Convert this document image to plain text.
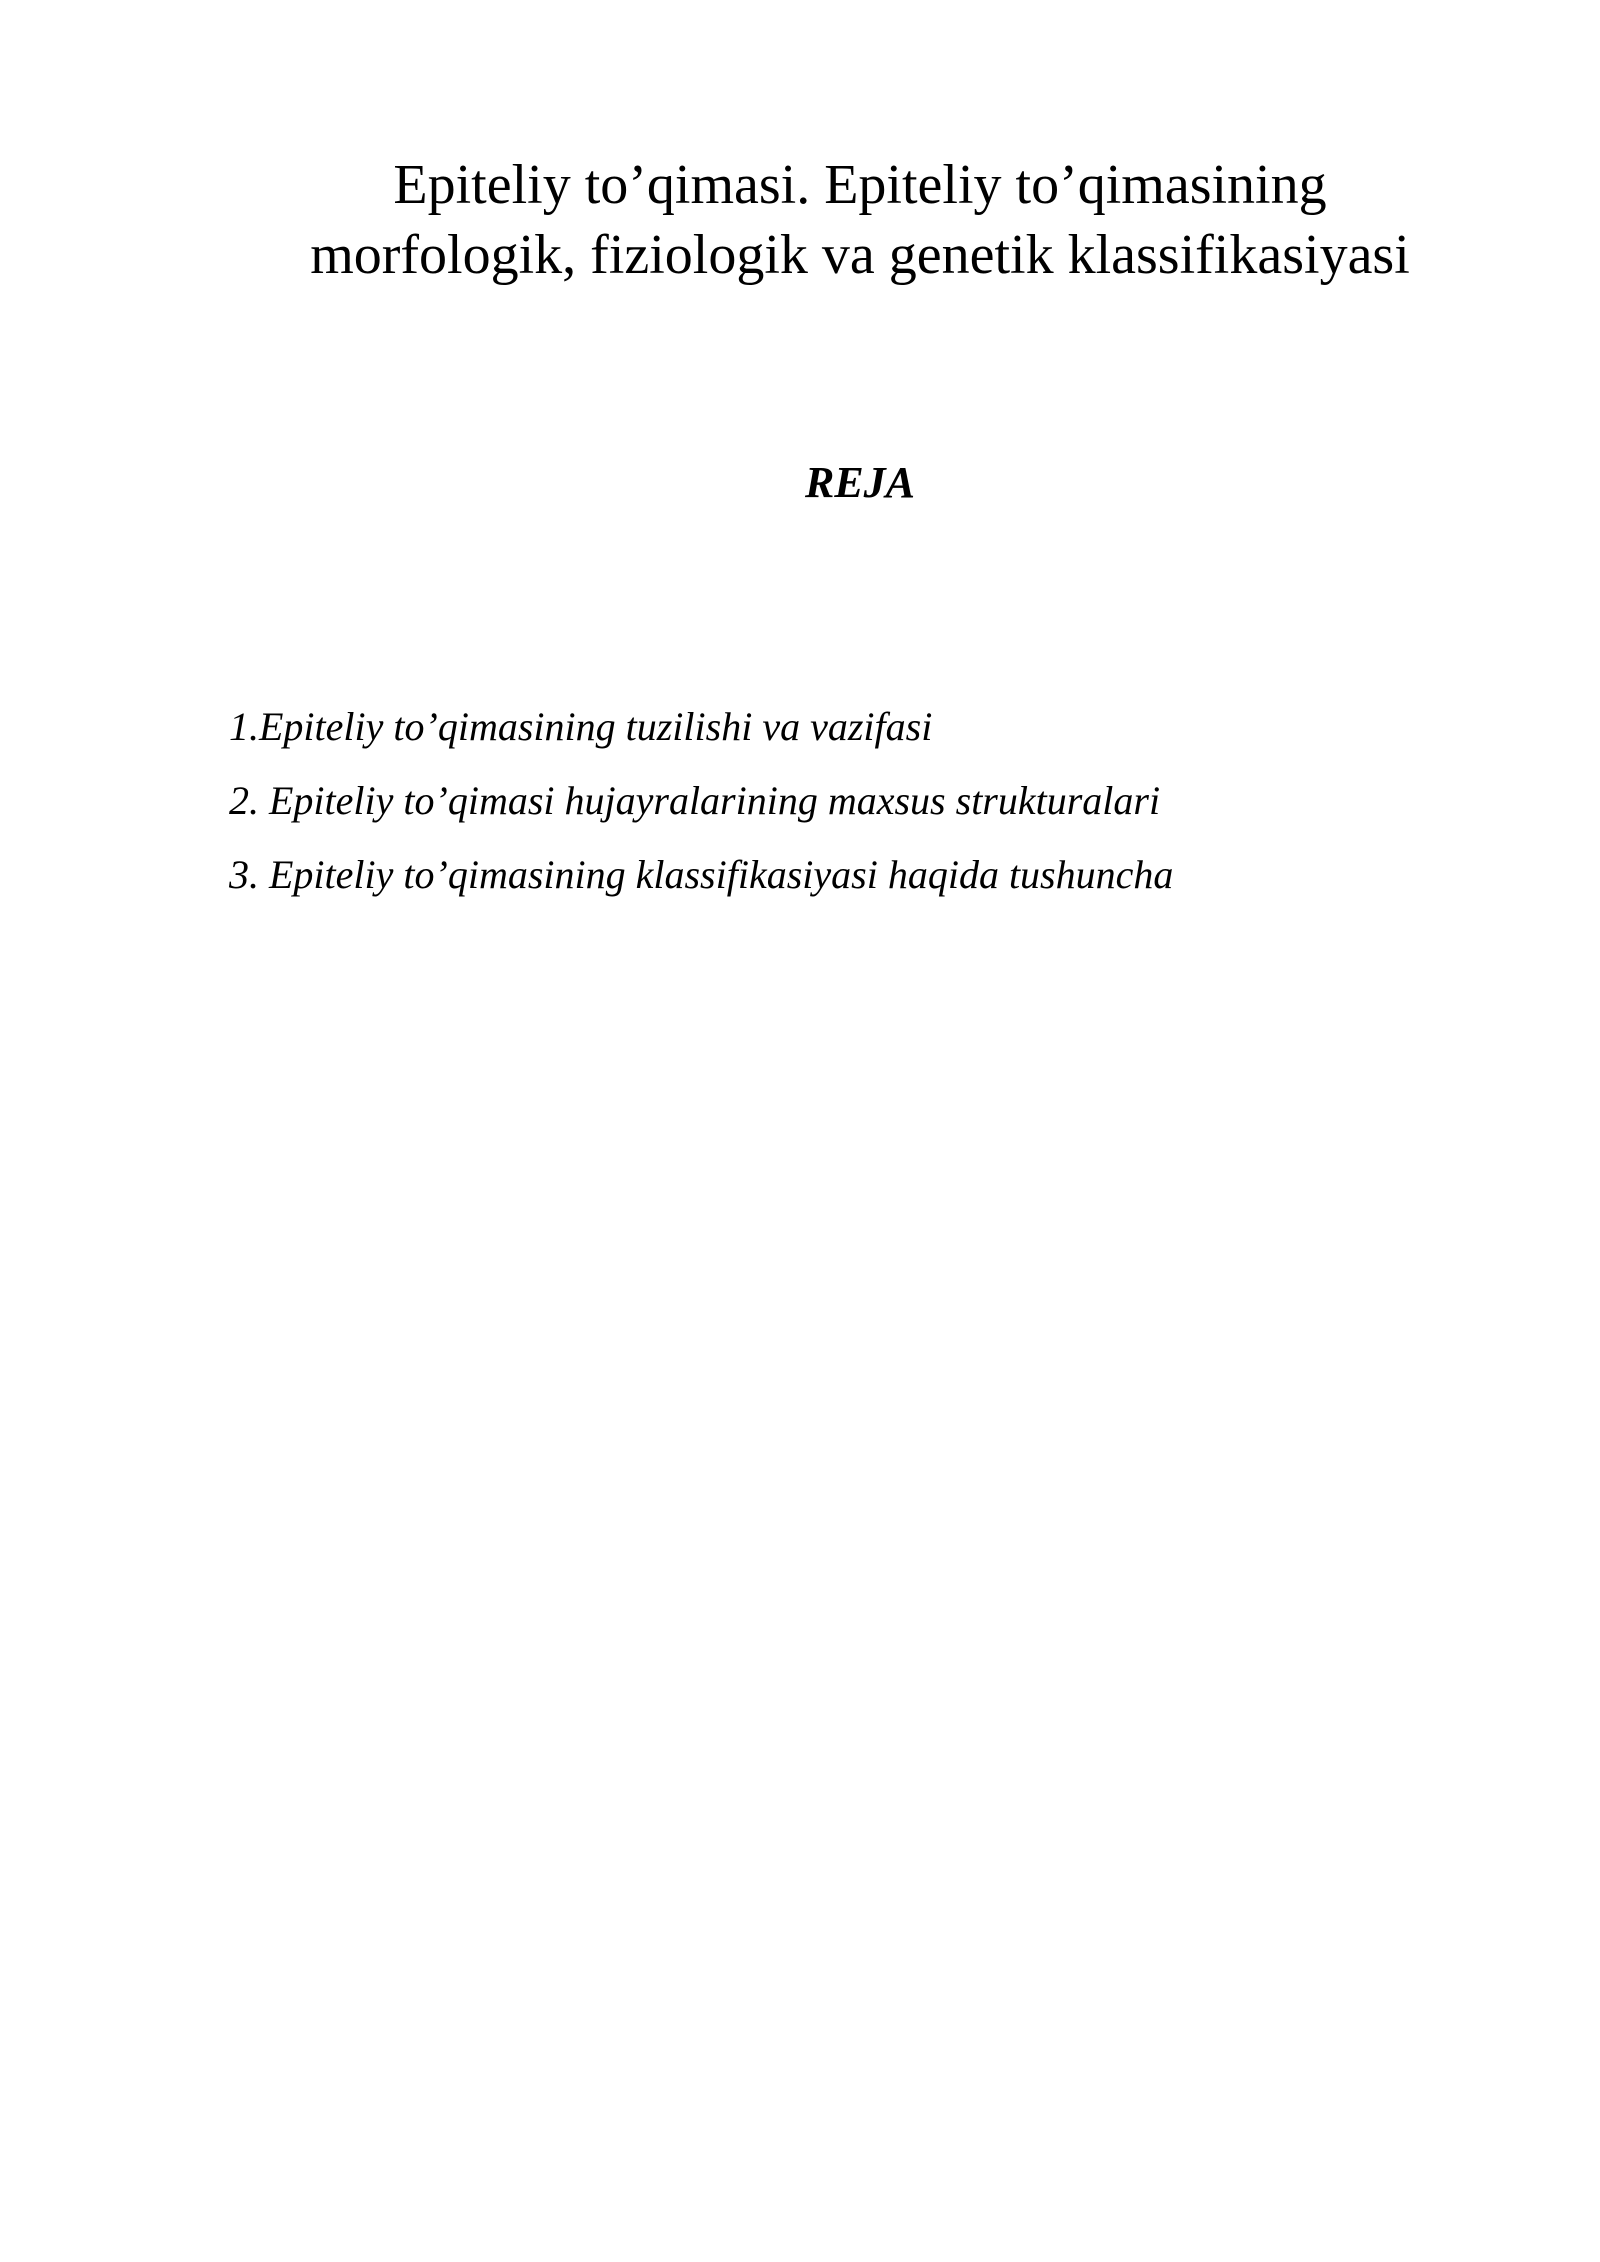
Epiteliy to’qimasi. Epiteliy to’qimasining
morfologik, fiziologik va genetik klassifikasiyasi
REJA
1.Epiteliy to’qimasining tuzilishi va vazifasi
2. Epiteliy to’qimasi hujayralarining maxsus strukturalari
3. Epiteliy to’qimasining klassifikasiyasi haqida tushuncha
